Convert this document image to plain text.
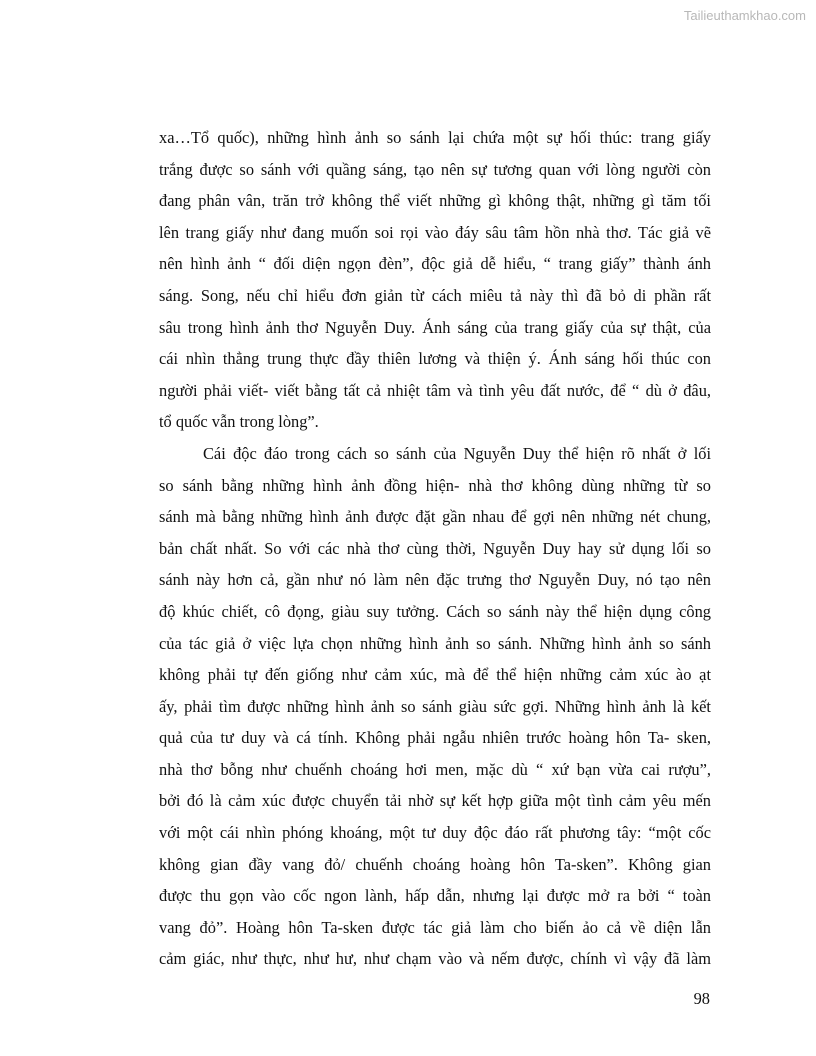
Tailieuthamkhao.com
xa…Tổ quốc), những hình ảnh so sánh lại chứa một sự hối thúc: trang giấy
trắng được so sánh với quầng sáng, tạo nên sự tương quan với lòng người còn
đang phân vân, trăn trở không thể viết những gì không thật, những gì tăm tối
lên trang giấy như đang muốn soi rọi vào đáy sâu tâm hồn nhà thơ. Tác giả vẽ
nên hình ảnh “ đối diện ngọn đèn”, độc giả dễ hiểu, “ trang giấy” thành ánh
sáng. Song, nếu chỉ hiểu đơn giản từ cách miêu tả này thì đã bỏ di phần rất
sâu trong hình ảnh thơ Nguyễn Duy. Ánh sáng của trang giấy của sự thật, của
cái nhìn thẳng trung thực đầy thiên lương và thiện ý. Ánh sáng hối thúc con
người phải viết- viết bằng tất cả nhiệt tâm và tình yêu đất nước, để “ dù ở đâu,
tổ quốc vẫn trong lòng”.
Cái độc đáo trong cách so sánh của Nguyễn Duy thể hiện rõ nhất ở lối
so sánh bằng những hình ảnh đồng hiện- nhà thơ không dùng những từ so
sánh mà bằng những hình ảnh được đặt gần nhau để gợi nên những nét chung,
bản chất nhất. So với các nhà thơ cùng thời, Nguyễn Duy hay sử dụng lối so
sánh này hơn cả, gần như nó làm nên đặc trưng thơ Nguyễn Duy, nó tạo nên
độ khúc chiết, cô đọng, giàu suy tưởng. Cách so sánh này thể hiện dụng công
của tác giả ở việc lựa chọn những hình ảnh so sánh. Những hình ảnh so sánh
không phải tự đến giống như cảm xúc, mà để thể hiện những cảm xúc ào ạt
ấy, phải tìm được những hình ảnh so sánh giàu sức gợi. Những hình ảnh là kết
quả của tư duy và cá tính. Không phải ngẫu nhiên trước hoàng hôn Ta- sken,
nhà thơ bỗng như chuếnh choáng hơi men, mặc dù “ xứ bạn vừa cai rượu”,
bởi đó là cảm xúc được chuyển tải nhờ sự kết hợp giữa một tình cảm yêu mến
với một cái nhìn phóng khoáng, một tư duy độc đáo rất phương tây: “một cốc
không gian đầy vang đỏ/ chuếnh choáng hoàng hôn Ta-sken”. Không gian
được thu gọn vào cốc ngon lành, hấp dẫn, nhưng lại được mở ra bởi “ toàn
vang đỏ”. Hoàng hôn Ta-sken được tác giả làm cho biến ảo cả về diện lẫn
cảm giác, như thực, như hư, như chạm vào và nếm được, chính vì vậy đã làm
98
